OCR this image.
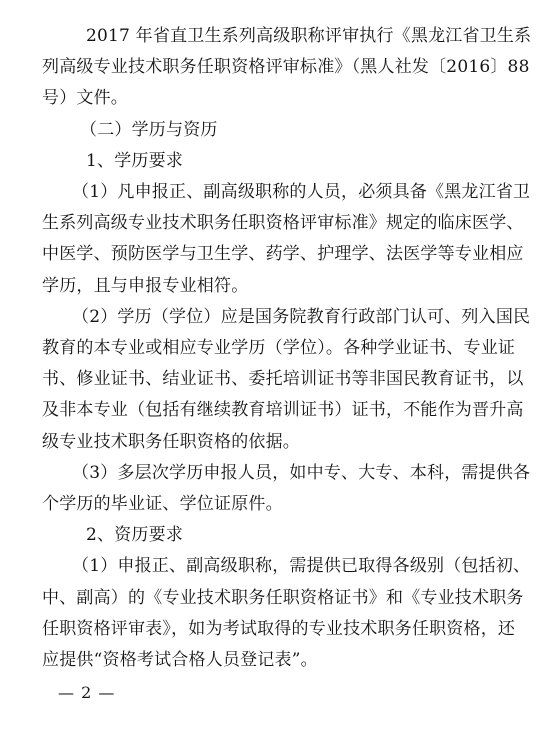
2017 年省直卫生系列高级职称评审执行《黑龙江省卫生系
列高级专业技术职务任职资格评审标准》（黑人社发〔2016〕88
号）文件。
（二）学历与资历
1、学历要求
（1）凡申报正、副高级职称的人员，必须具备《黑龙江省卫
生系列高级专业技术职务任职资格评审标准》规定的临床医学、
中医学、预防医学与卫生学、药学、护理学、法医学等专业相应
学历，且与申报专业相符。
（2）学历（学位）应是国务院教育行政部门认可、列入国民
教育的本专业或相应专业学历（学位）。各种学业证书、专业证
书、修业证书、结业证书、委托培训证书等非国民教育证书，以
及非本专业（包括有继续教育培训证书）证书，不能作为晋升高
级专业技术职务任职资格的依据。
（3）多层次学历申报人员，如中专、大专、本科，需提供各
个学历的毕业证、学位证原件。
2、资历要求
（1）申报正、副高级职称，需提供已取得各级别（包括初、
中、副高）的《专业技术职务任职资格证书》和《专业技术职务
任职资格评审表》，如为考试取得的专业技术职务任职资格，还
应提供“资格考试合格人员登记表”。
— 2 —
